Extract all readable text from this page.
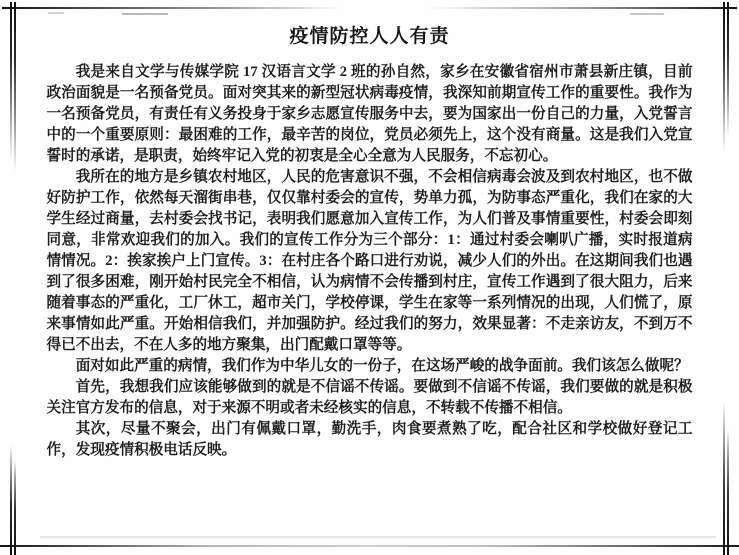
疫情防控人人有责

我是来自文学与传媒学院 17 汉语言文学 2 班的孙自然，家乡在安徽省宿州市萧县新庄镇，目前政治面貌是一名预备党员。面对突其来的新型冠状病毒疫情，我深知前期宣传工作的重要性。我作为一名预备党员，有责任有义务投身于家乡志愿宣传服务中去，要为国家出一份自己的力量，入党誓言中的一个重要原则：最困难的工作，最辛苦的岗位，党员必须先上，这个没有商量。这是我们入党宣誓时的承诺，是职责，始终牢记入党的初衷是全心全意为人民服务，不忘初心。

我所在的地方是乡镇农村地区，人民的危害意识不强，不会相信病毒会波及到农村地区，也不做好防护工作，依然每天溜街串巷，仅仅靠村委会的宣传，势单力孤，为防事态严重化，我们在家的大学生经过商量，去村委会找书记，表明我们愿意加入宣传工作，为人们普及事情重要性，村委会即刻同意，非常欢迎我们的加入。我们的宣传工作分为三个部分：1：通过村委会喇叭广播，实时报道病情情况。2：挨家挨户上门宣传。3：在村庄各个路口进行劝说，减少人们的外出。在这期间我们也遇到了很多困难，刚开始村民完全不相信，认为病情不会传播到村庄，宣传工作遇到了很大阻力，后来随着事态的严重化，工厂休工，超市关门，学校停课，学生在家等一系列情况的出现，人们慌了，原来事情如此严重。开始相信我们，并加强防护。经过我们的努力，效果显著：不走亲访友，不到万不得已不出去，不在人多的地方聚集，出门配戴口罩等等。

面对如此严重的病情，我们作为中华儿女的一份子，在这场严峻的战争面前。我们该怎么做呢？

首先，我想我们应该能够做到的就是不信谣不传谣。要做到不信谣不传谣，我们要做的就是积极关注官方发布的信息，对于来源不明或者未经核实的信息，不转载不传播不相信。

其次，尽量不聚会，出门有佩戴口罩，勤洗手，肉食要煮熟了吃，配合社区和学校做好登记工作，发现疫情积极电话反映。
